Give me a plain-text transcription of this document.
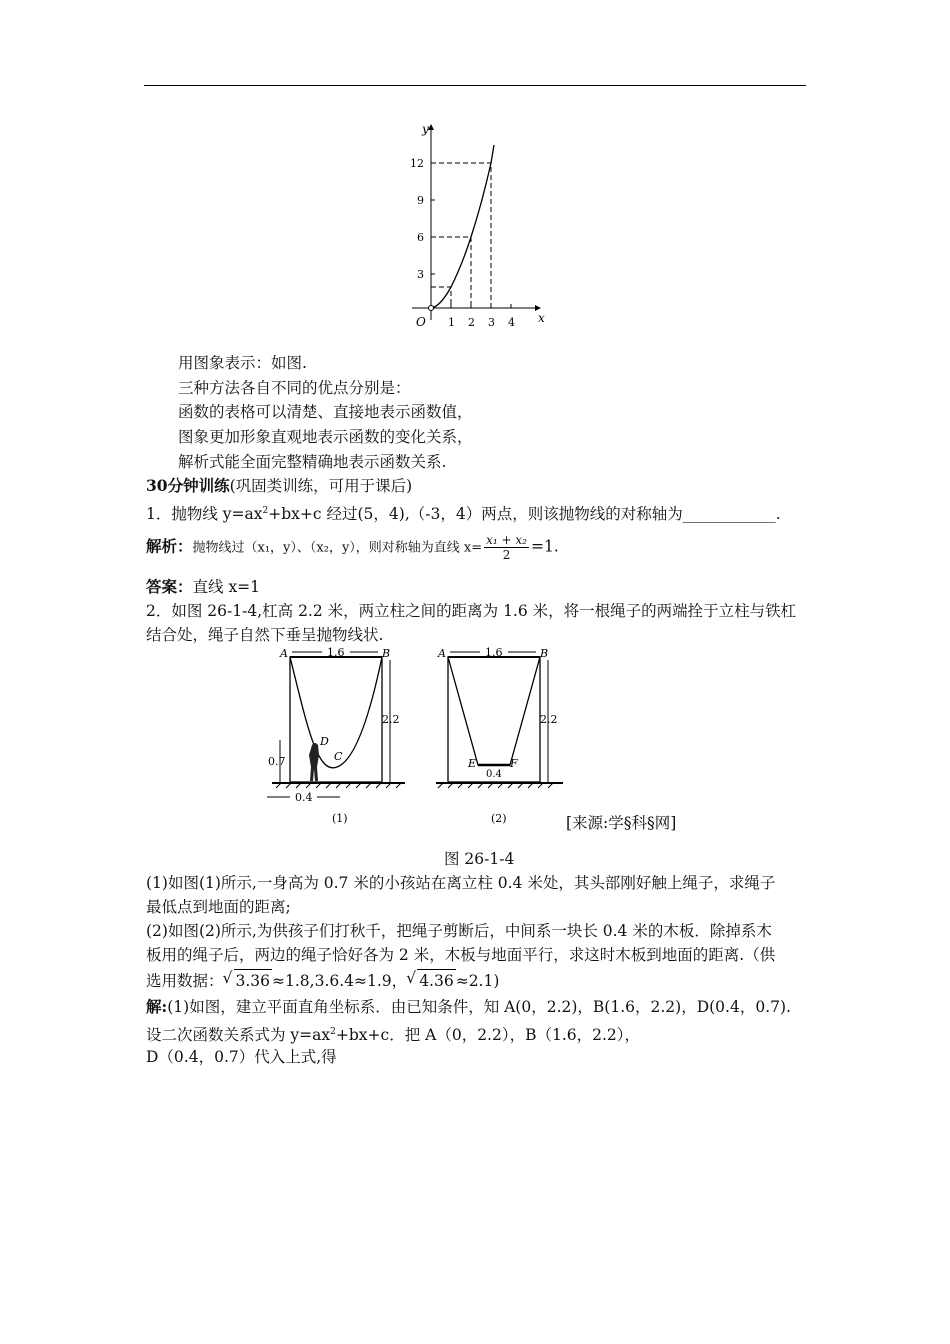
y
x
O
12
9
6
3
1 2 3 4
用图象表示：如图.
三种方法各自不同的优点分别是：
函数的表格可以清楚、直接地表示函数值，
图象更加形象直观地表示函数的变化关系，
解析式能全面完整精确地表示函数关系.
30分钟训练(巩固类训练，可用于课后)
1．抛物线 $y=ax^2+bx+c$ 经过(5，4),（-3，4）两点，则该抛物线的对称轴为____________.
解析：抛物线过（x₁，y）、（x₂，y），则对称轴为直线 $x= \frac{\text{x₁ + x₂}}{2} =1$.
答案：直线 x=1
2．如图 26-1-4,杠高 2.2 米，两立柱之间的距离为 1.6 米，将一根绳子的两端拴于立柱与铁杠
结合处，绳子自然下垂呈抛物线状.
A	B
D
C
1.6
2.2
0.7
0.4
(1)
A	B
E	F
1.6
0.4
2.2
(2)	[来源:学§科§网]
图 26-1-4
(1)如图(1)所示,一身高为 0.7 米的小孩站在离立柱 0.4 米处，其头部刚好触上绳子，求绳子
最低点到地面的距离;
(2)如图(2)所示,为供孩子们打秋千，把绳子剪断后，中间系一块长 0.4 米的木板．除掉系木
板用的绳子后，两边的绳子恰好各为 2 米，木板与地面平行，求这时木板到地面的距离.（供
选用数据： √ 3.36 ≈1.8,3.6.4≈1.9， √ 4.36 ≈2.1)
解:(1)如图，建立平面直角坐标系．由已知条件，知 A(0，2.2)，B(1.6，2.2)，D(0.4，0.7).
设二次函数关系式为 $y=ax^2+bx+c$．把 A（0，2.2），B（1.6，2.2），
D（0.4，0.7）代入上式,得
